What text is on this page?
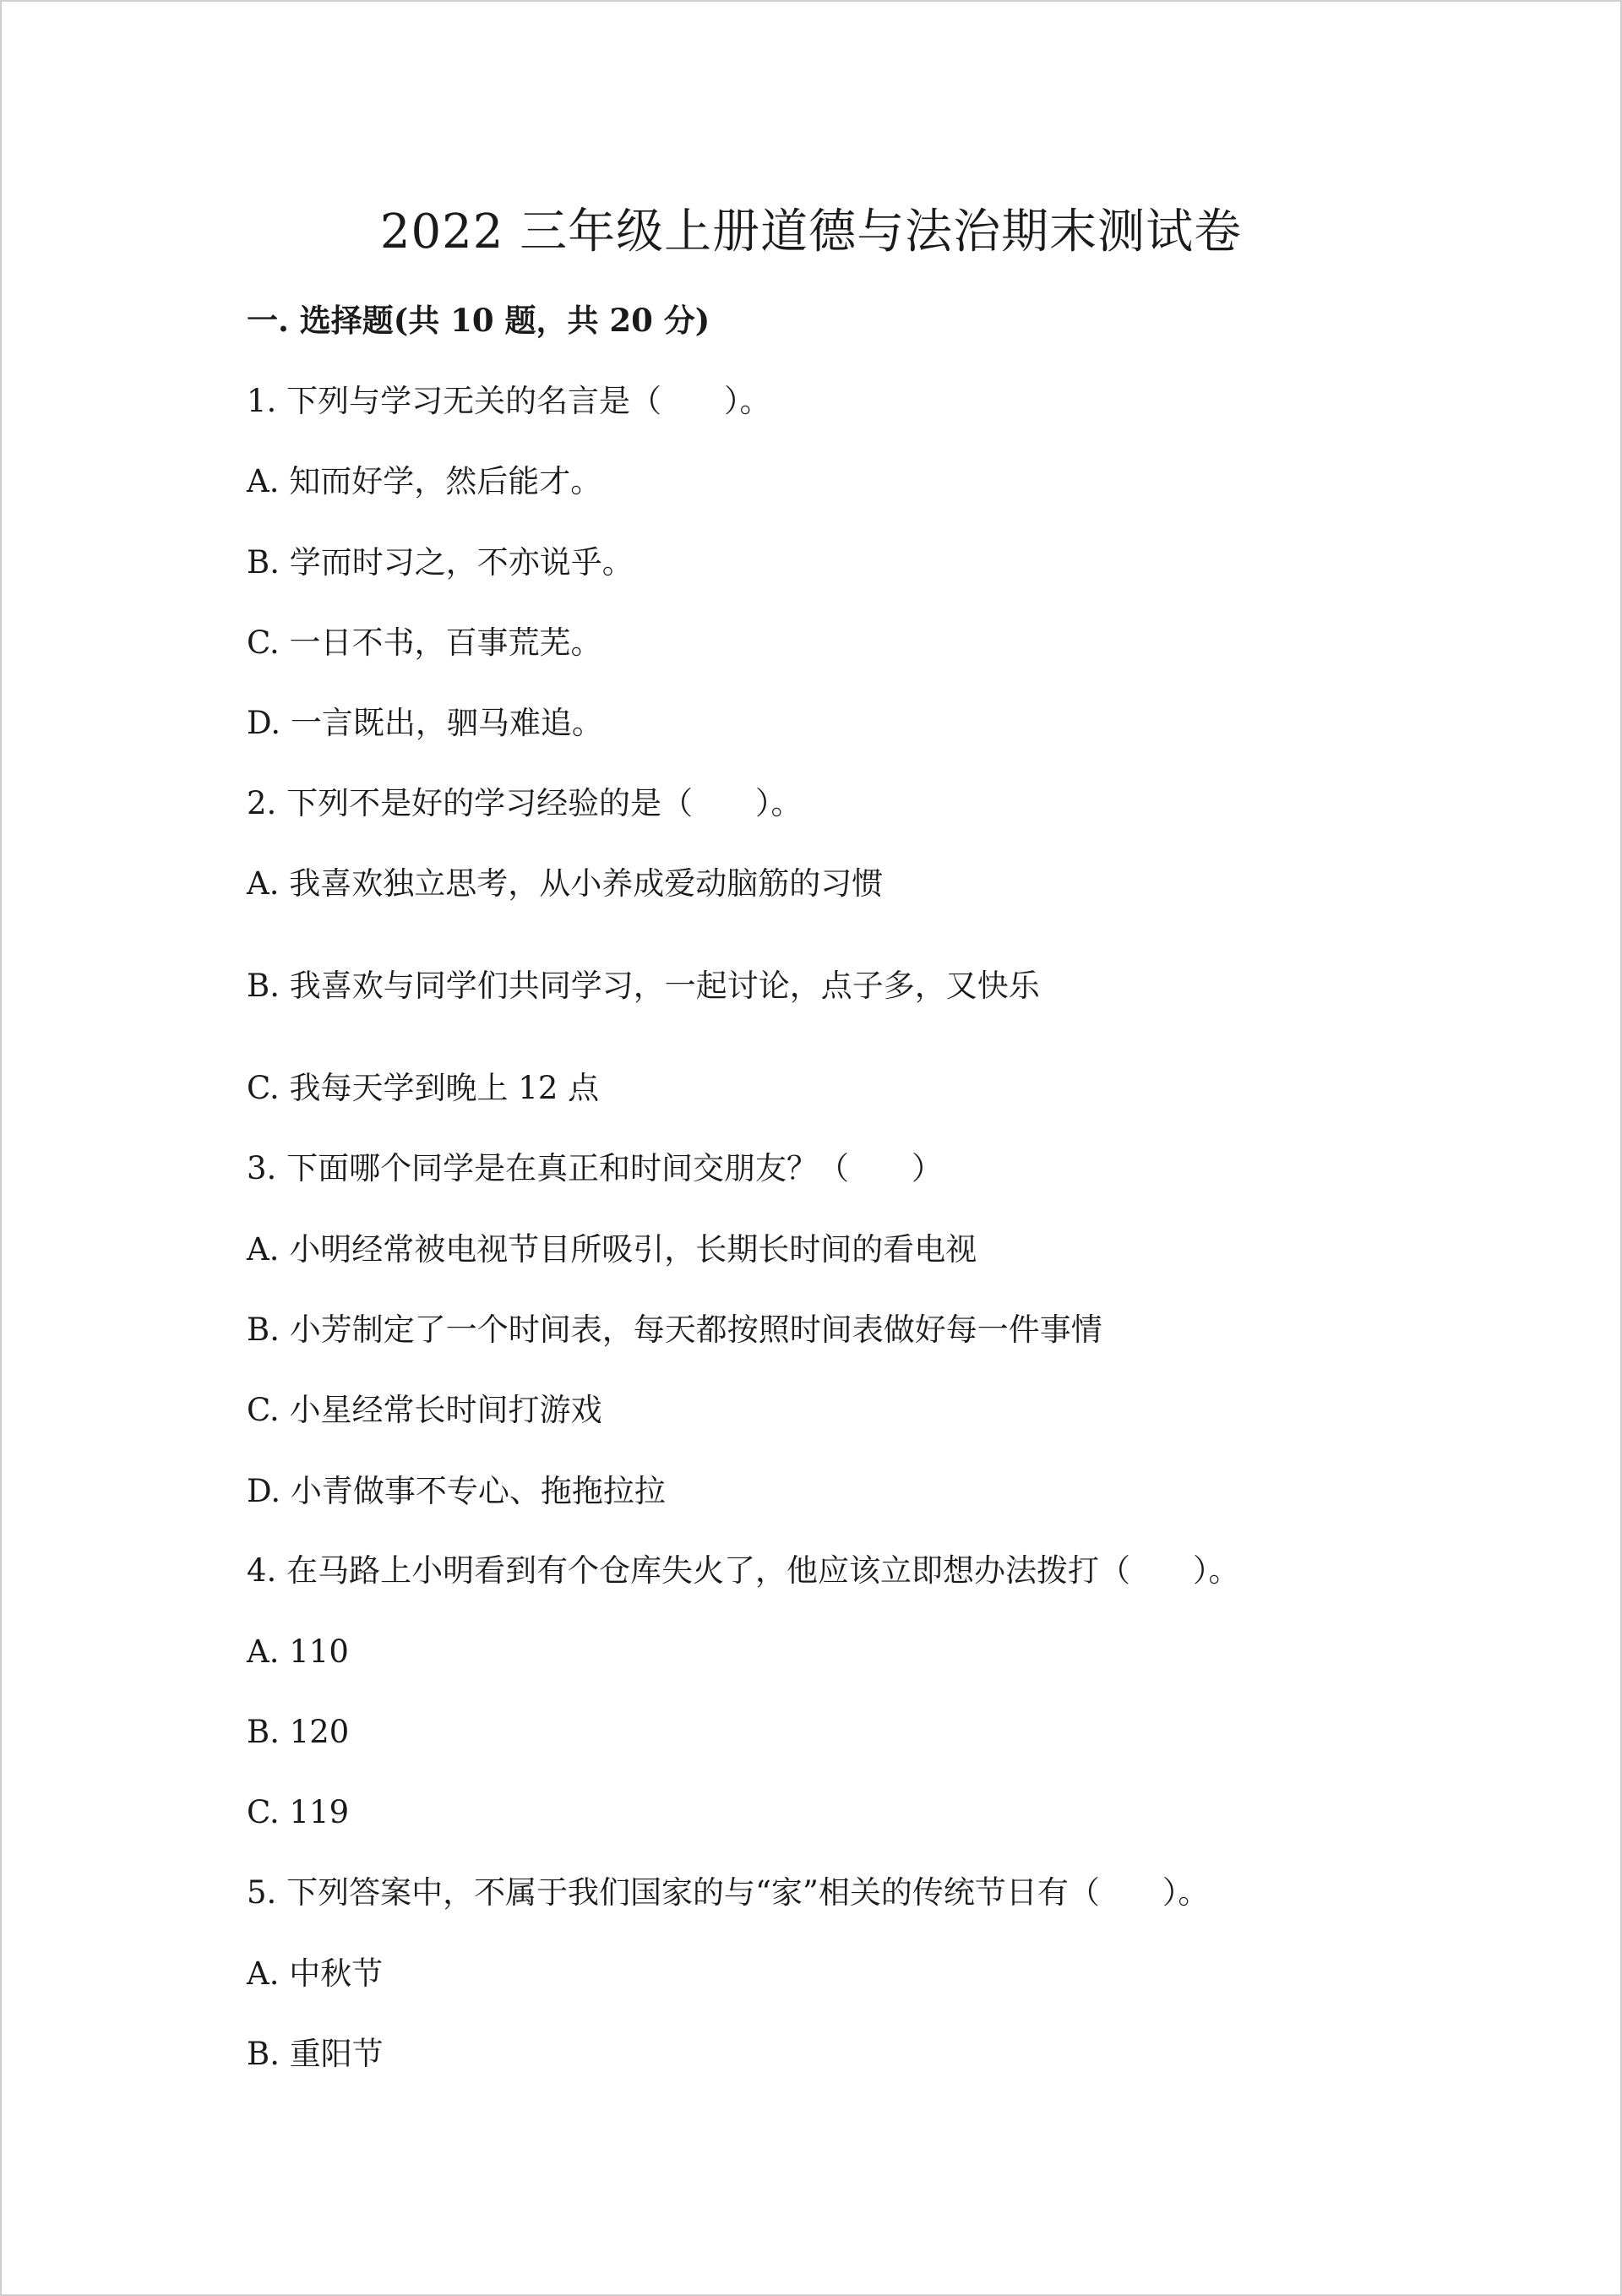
2022 三年级上册道德与法治期末测试卷
一. 选择题(共 10 题，共 20 分)

1. 下列与学习无关的名言是（　　）。

A. 知而好学，然后能才。

B. 学而时习之，不亦说乎。

C. 一日不书，百事荒芜。

D. 一言既出，驷马难追。

2. 下列不是好的学习经验的是（　　）。

A. 我喜欢独立思考，从小养成爱动脑筋的习惯

B. 我喜欢与同学们共同学习，一起讨论，点子多，又快乐

C. 我每天学到晚上 12 点

3. 下面哪个同学是在真正和时间交朋友？（　　）

A. 小明经常被电视节目所吸引，长期长时间的看电视

B. 小芳制定了一个时间表，每天都按照时间表做好每一件事情

C. 小星经常长时间打游戏

D. 小青做事不专心、拖拖拉拉

4. 在马路上小明看到有个仓库失火了，他应该立即想办法拨打（　　）。

A. 110

B. 120

C. 119

5. 下列答案中，不属于我们国家的与“家”相关的传统节日有（　　）。

A. 中秋节

B. 重阳节
